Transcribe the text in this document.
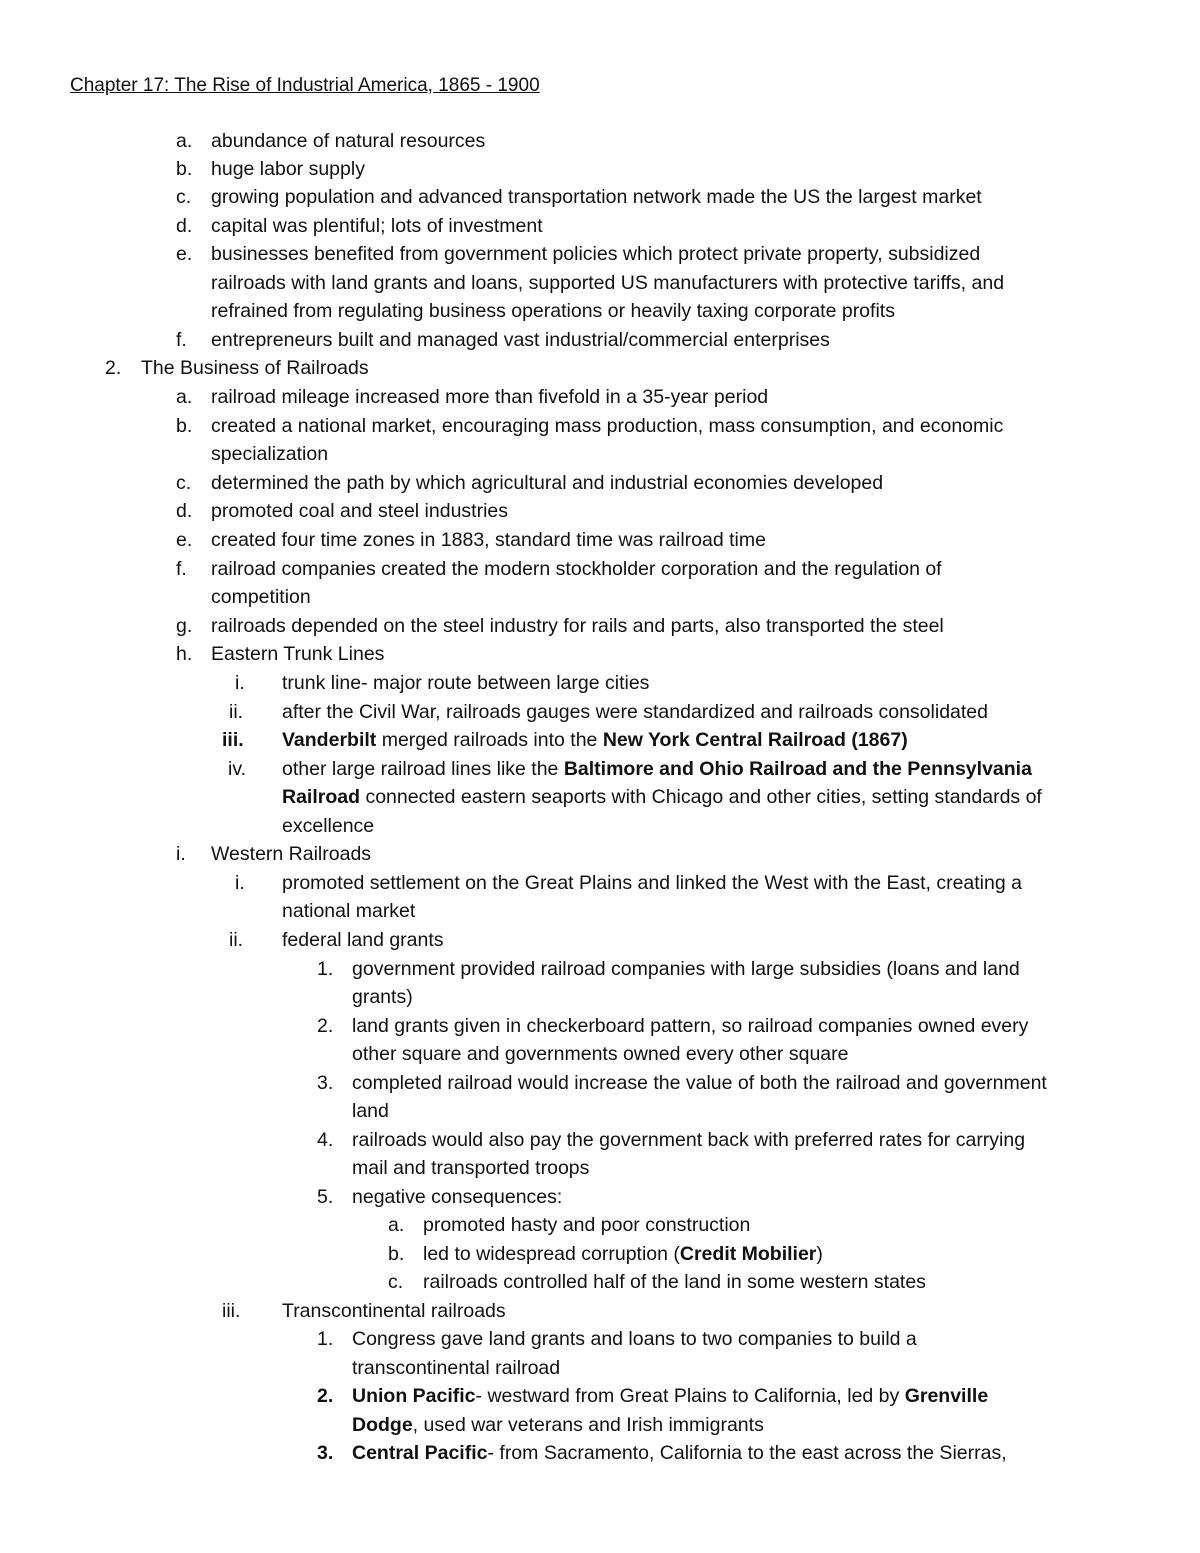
Chapter 17: The Rise of Industrial America, 1865 - 1900
a. abundance of natural resources
b. huge labor supply
c. growing population and advanced transportation network made the US the largest market
d. capital was plentiful; lots of investment
e. businesses benefited from government policies which protect private property, subsidized
railroads with land grants and loans, supported US manufacturers with protective tariffs, and
refrained from regulating business operations or heavily taxing corporate profits
f. entrepreneurs built and managed vast industrial/commercial enterprises
2. The Business of Railroads
a. railroad mileage increased more than fivefold in a 35-year period
b. created a national market, encouraging mass production, mass consumption, and economic
specialization
c. determined the path by which agricultural and industrial economies developed
d. promoted coal and steel industries
e. created four time zones in 1883, standard time was railroad time
f. railroad companies created the modern stockholder corporation and the regulation of
competition
g. railroads depended on the steel industry for rails and parts, also transported the steel
h. Eastern Trunk Lines
i. trunk line- major route between large cities
ii. after the Civil War, railroads gauges were standardized and railroads consolidated
iii. Vanderbilt merged railroads into the New York Central Railroad (1867)
iv. other large railroad lines like the Baltimore and Ohio Railroad and the Pennsylvania
Railroad connected eastern seaports with Chicago and other cities, setting standards of
excellence
i. Western Railroads
i. promoted settlement on the Great Plains and linked the West with the East, creating a
national market
ii. federal land grants
1. government provided railroad companies with large subsidies (loans and land
grants)
2. land grants given in checkerboard pattern, so railroad companies owned every
other square and governments owned every other square
3. completed railroad would increase the value of both the railroad and government
land
4. railroads would also pay the government back with preferred rates for carrying
mail and transported troops
5. negative consequences:
a. promoted hasty and poor construction
b. led to widespread corruption (Credit Mobilier)
c. railroads controlled half of the land in some western states
iii. Transcontinental railroads
1. Congress gave land grants and loans to two companies to build a
transcontinental railroad
2. Union Pacific- westward from Great Plains to California, led by Grenville
Dodge, used war veterans and Irish immigrants
3. Central Pacific- from Sacramento, California to the east across the Sierras,
